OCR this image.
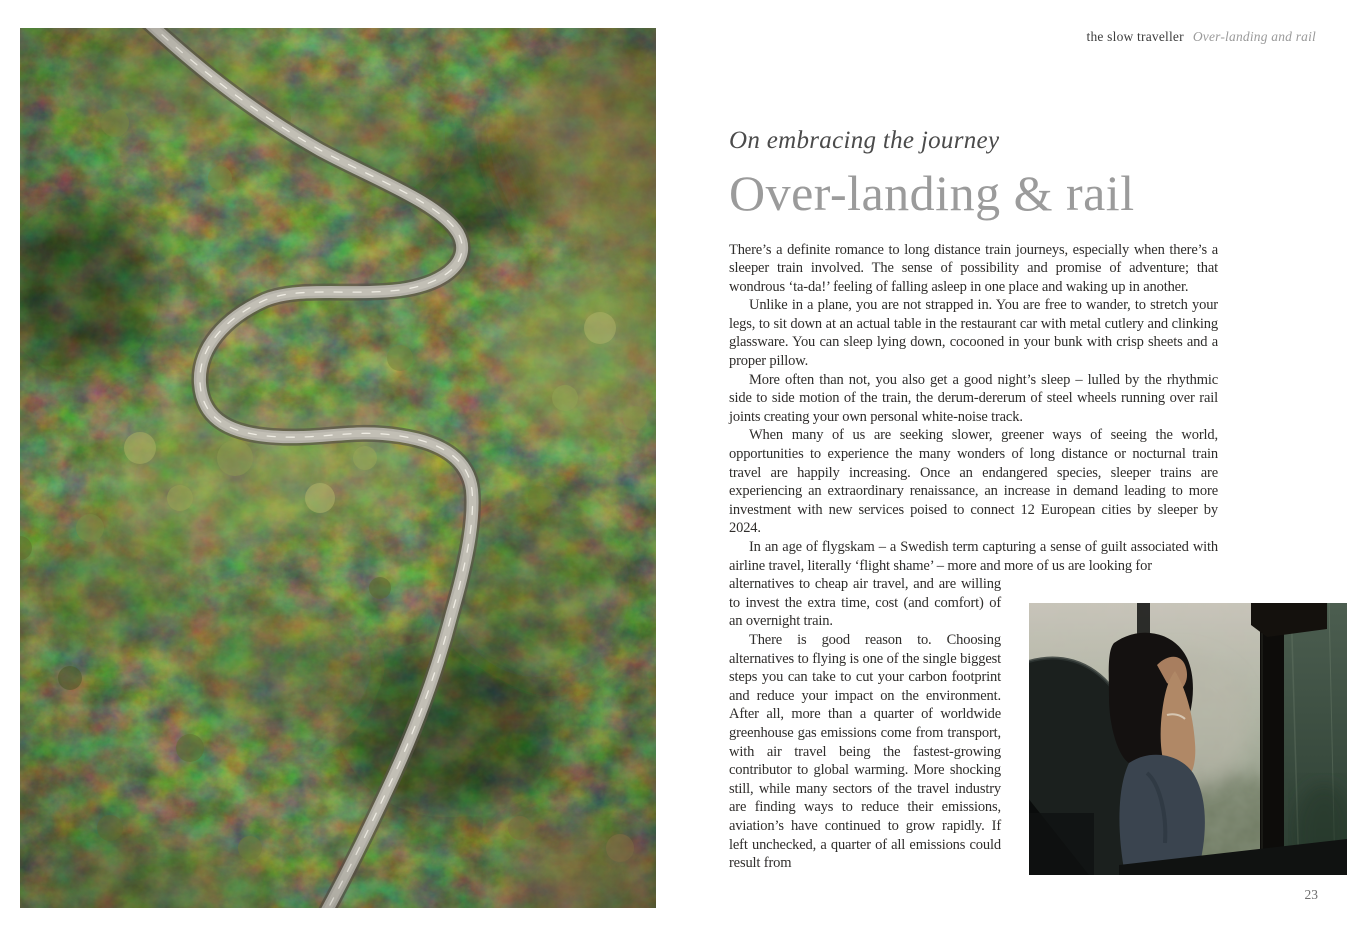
the slow traveller Over-landing and rail
On embracing the journey
Over-landing & rail

There’s a definite romance to long distance train journeys, especially when there’s a sleeper train involved. The sense of possibility and promise of adventure; that wondrous ‘ta-da!’ feeling of falling asleep in one place and waking up in another.

Unlike in a plane, you are not strapped in. You are free to wander, to stretch your legs, to sit down at an actual table in the restaurant car with metal cutlery and clinking glassware. You can sleep lying down, cocooned in your bunk with crisp sheets and a proper pillow.

More often than not, you also get a good night’s sleep – lulled by the rhythmic side to side motion of the train, the derum-dererum of steel wheels running over rail joints creating your own personal white-noise track.

When many of us are seeking slower, greener ways of seeing the world, opportunities to experience the many wonders of long distance or nocturnal train travel are happily increasing. Once an endangered species, sleeper trains are experiencing an extraordinary renaissance, an increase in demand leading to more investment with new services poised to connect 12 European cities by sleeper by 2024.

In an age of flygskam – a Swedish term capturing a sense of guilt associated with airline travel, literally ‘flight shame’ – more and more of us are looking for

alternatives to cheap air travel, and are willing to invest the extra time, cost (and comfort) of an overnight train.

There is good reason to. Choosing alternatives to flying is one of the single biggest steps you can take to cut your carbon footprint and reduce your impact on the environment. After all, more than a quarter of worldwide greenhouse gas emissions come from transport, with air travel being the fastest-growing contributor to global warming. More shocking still, while many sectors of the travel industry are finding ways to reduce their emissions, aviation’s have continued to grow rapidly. If left unchecked, a quarter of all emissions could result from

23
